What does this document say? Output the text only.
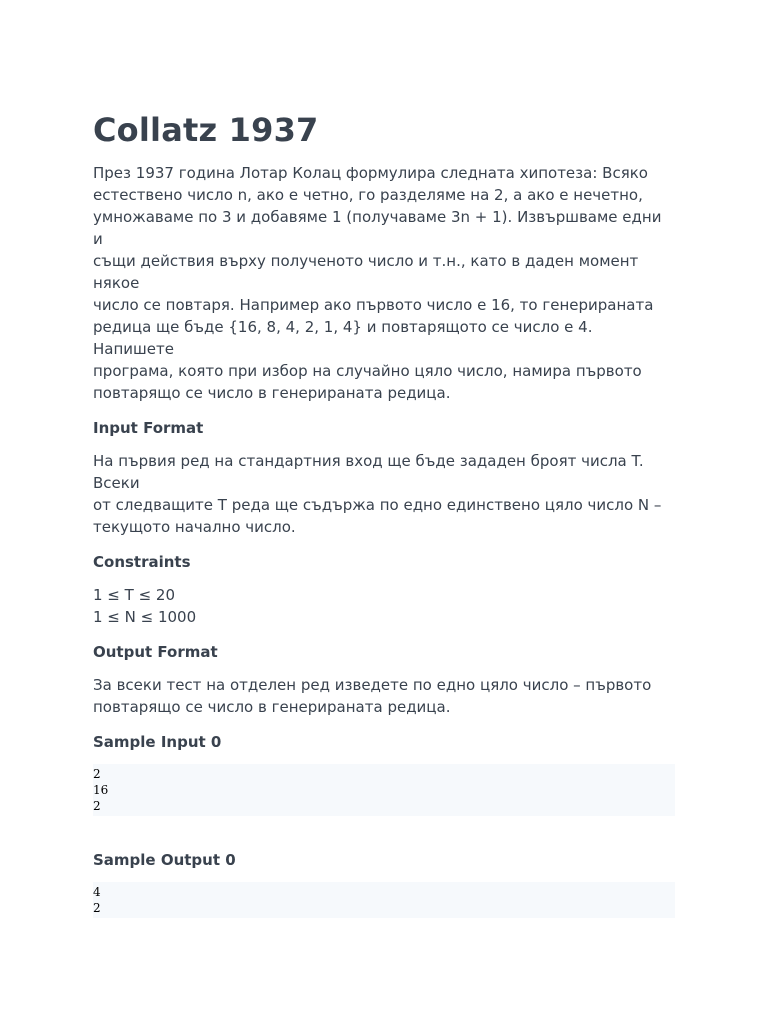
Collatz 1937
През 1937 година Лотар Колац формулира следната хипотеза: Всяко
естествено число n, ако е четно, го разделяме на 2, а ако е нечетно,
умножаваме по 3 и добавяме 1 (получаваме 3n + 1). Извършваме едни и
същи действия върху полученото число и т.н., като в даден момент някое
число се повтаря. Например ако първото число е 16, то генерираната
редица ще бъде {16, 8, 4, 2, 1, 4} и повтарящото се число е 4. Напишете
програма, която при избор на случайно цяло число, намира първото
повтарящо се число в генерираната редица.
Input Format
На първия ред на стандартния вход ще бъде зададен броят числа T. Всеки
от следващите T реда ще съдържа по едно единствено цяло число N –
текущото начално число.
Constraints
1 ≤ T ≤ 20
1 ≤ N ≤ 1000
Output Format
За всеки тест на отделен ред изведете по едно цяло число – първото
повтарящо се число в генерираната редица.
Sample Input 0
2
16
2
Sample Output 0
4
2
